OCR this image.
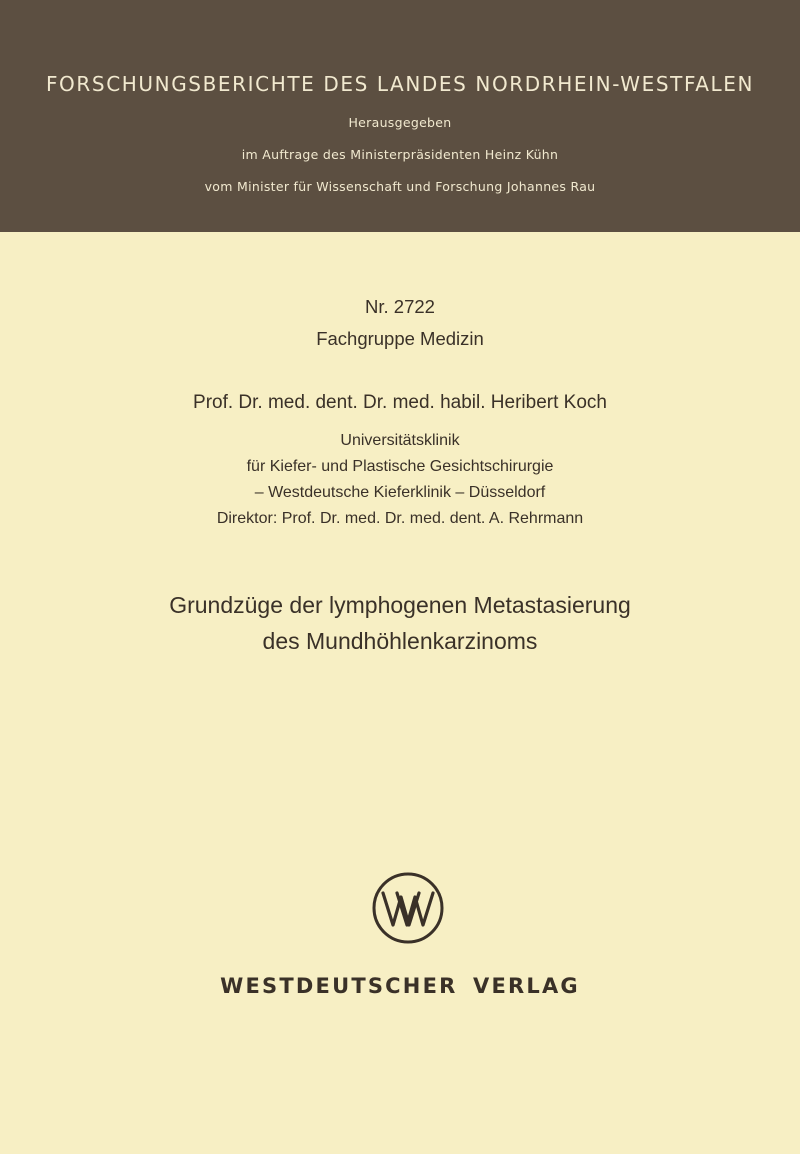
FORSCHUNGSBERICHTE DES LANDES NORDRHEIN-WESTFALEN
Herausgegeben
im Auftrage des Ministerpräsidenten Heinz Kühn
vom Minister für Wissenschaft und Forschung Johannes Rau
Nr. 2722
Fachgruppe Medizin
Prof. Dr. med. dent. Dr. med. habil. Heribert Koch
Universitätsklinik
für Kiefer- und Plastische Gesichtschirurgie
– Westdeutsche Kieferklinik – Düsseldorf
Direktor: Prof. Dr. med. Dr. med. dent. A. Rehrmann
Grundzüge der lymphogenen Metastasierung
des Mundhöhlenkarzinoms
WESTDEUTSCHER VERLAG
